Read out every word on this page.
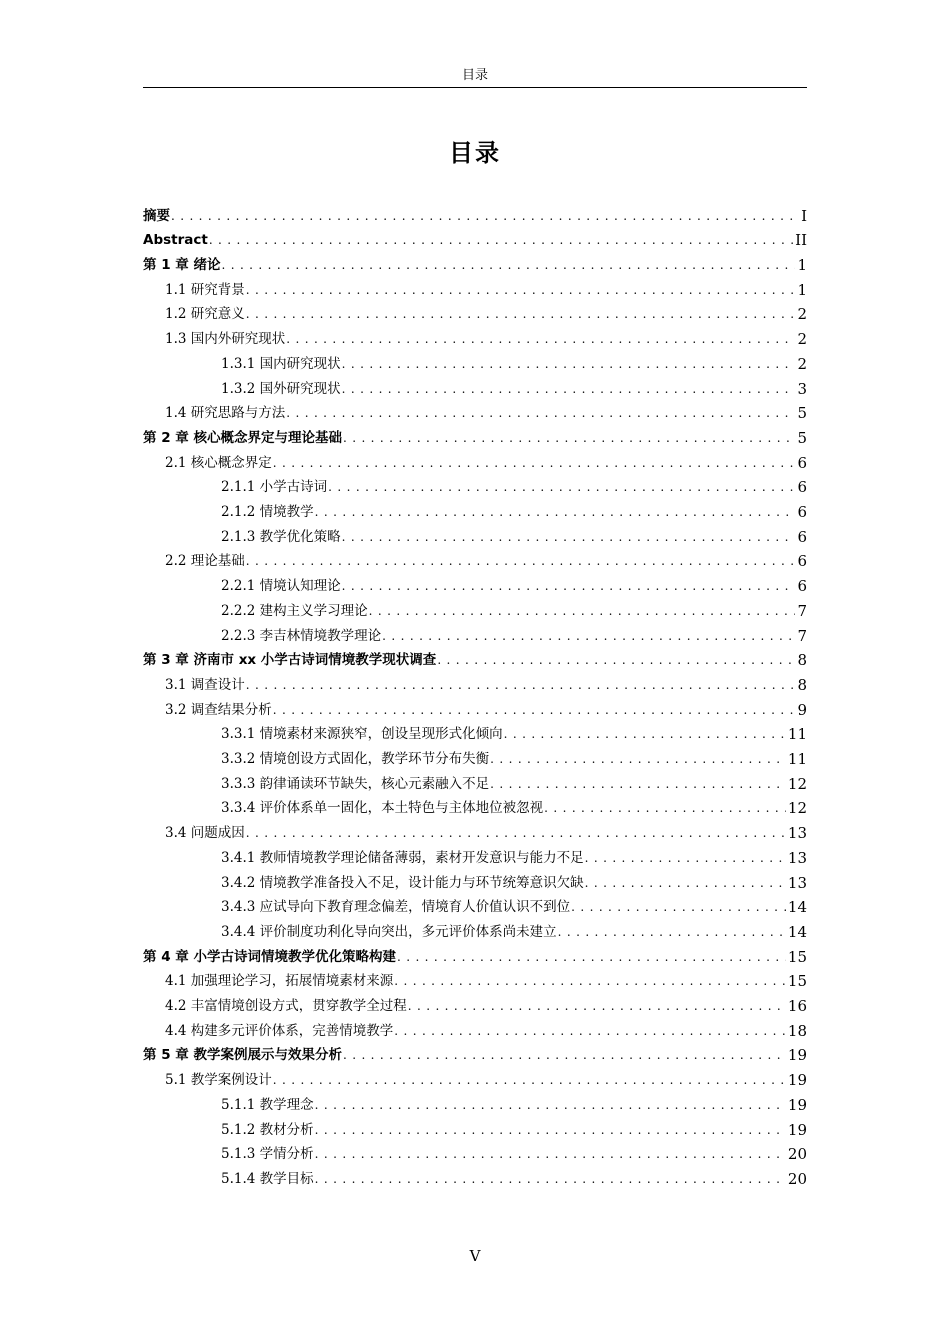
目录
目录
摘要 . . .	I
Abstract . . .	II
第 1 章 绪论 . . .	1
1.1 研究背景 . . .	1
1.2 研究意义 . . .	2
1.3 国内外研究现状 . . .	2
1.3.1 国内研究现状 . . .	2
1.3.2 国外研究现状 . . .	3
1.4 研究思路与方法 . . .	5
第 2 章 核心概念界定与理论基础 . . .	5
2.1 核心概念界定 . . .	6
2.1.1 小学古诗词 . . .	6
2.1.2 情境教学 . . .	6
2.1.3 教学优化策略 . . .	6
2.2 理论基础 . . .	6
2.2.1 情境认知理论 . . .	6
2.2.2 建构主义学习理论 . . .	7
2.2.3 李吉林情境教学理论 . . .	7
第 3 章 济南市 xx 小学古诗词情境教学现状调查 . . .	8
3.1 调查设计 . . .	8
3.2 调查结果分析 . . .	9
3.3.1 情境素材来源狭窄，创设呈现形式化倾向 . . .	11
3.3.2 情境创设方式固化，教学环节分布失衡 . . .	11
3.3.3 韵律诵读环节缺失，核心元素融入不足 . . .	12
3.3.4 评价体系单一固化，本土特色与主体地位被忽视 . . .	12
3.4 问题成因 . . .	13
3.4.1 教师情境教学理论储备薄弱，素材开发意识与能力不足 . . .	13
3.4.2 情境教学准备投入不足，设计能力与环节统筹意识欠缺 . . .	13
3.4.3 应试导向下教育理念偏差，情境育人价值认识不到位 . . .	14
3.4.4 评价制度功利化导向突出，多元评价体系尚未建立 . . .	14
第 4 章 小学古诗词情境教学优化策略构建 . . .	15
4.1 加强理论学习，拓展情境素材来源 . . .	15
4.2 丰富情境创设方式，贯穿教学全过程 . . .	16
4.4 构建多元评价体系，完善情境教学 . . .	18
第 5 章 教学案例展示与效果分析 . . .	19
5.1 教学案例设计 . . .	19
5.1.1 教学理念 . . .	19
5.1.2 教材分析 . . .	19
5.1.3 学情分析 . . .	20
5.1.4 教学目标 . . .	20
V
